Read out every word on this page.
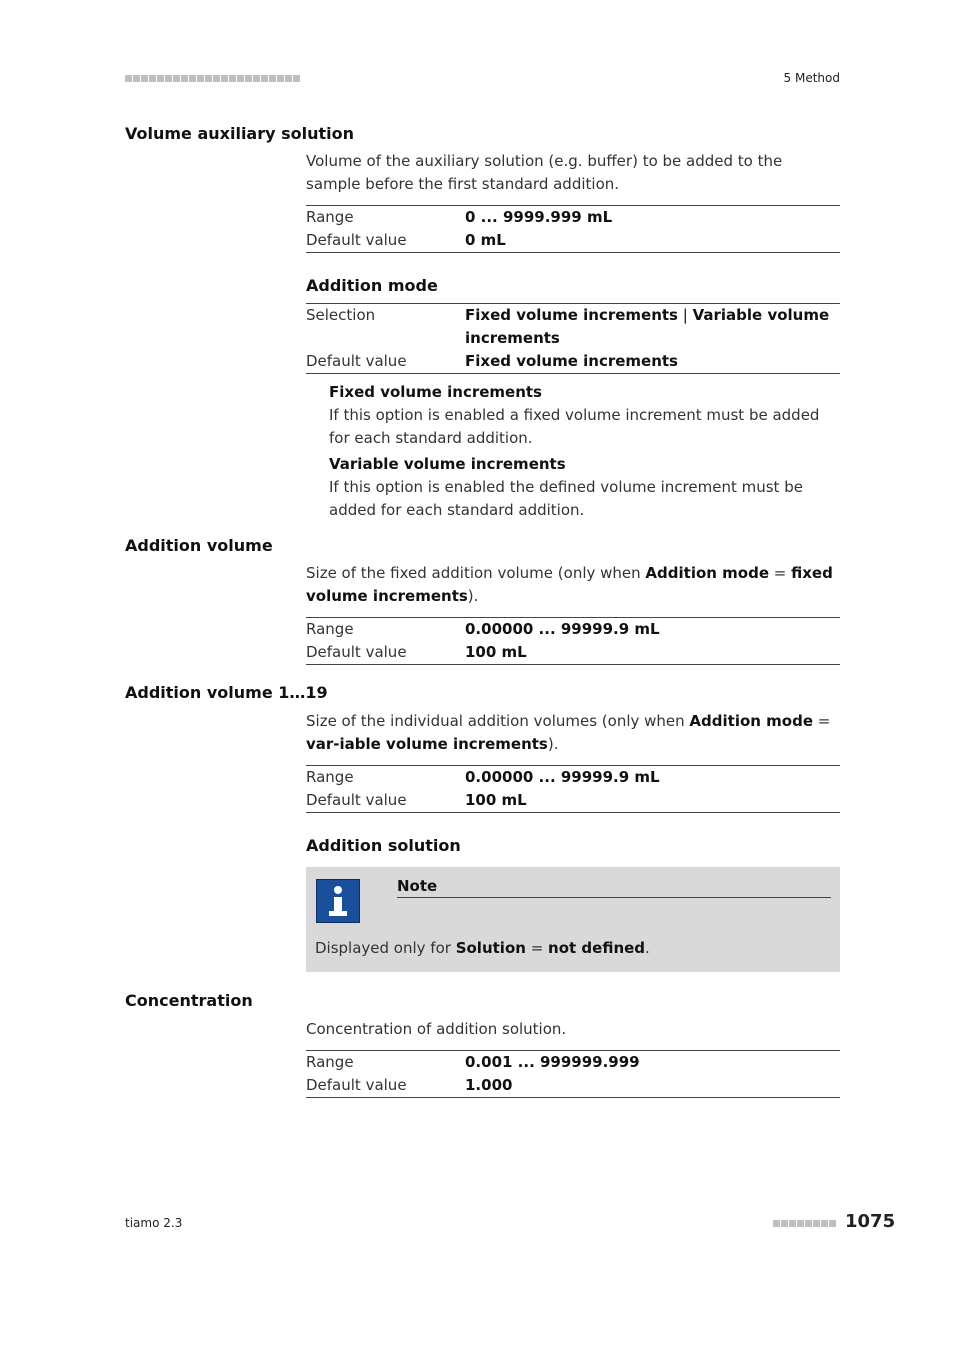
5 Method
Volume auxiliary solution
Volume of the auxiliary solution (e.g. buffer) to be added to the sample before the first standard addition.
Range	0 ... 9999.999 mL
Default value	0 mL
Addition mode
Selection	Fixed volume increments | Variable volume increments
Default value	Fixed volume increments
Fixed volume increments
If this option is enabled a fixed volume increment must be added for each standard addition.
Variable volume increments
If this option is enabled the defined volume increment must be added for each standard addition.
Addition volume
Size of the fixed addition volume (only when Addition mode = fixed volume increments).
Range	0.00000 ... 99999.9 mL
Default value	100 mL
Addition volume 1…19
Size of the individual addition volumes (only when Addition mode = var-iable volume increments).
Range	0.00000 ... 99999.9 mL
Default value	100 mL
Addition solution
Note
Displayed only for Solution = not defined.
Concentration
Concentration of addition solution.
Range	0.001 ... 999999.999
Default value	1.000
tiamo 2.3	1075
